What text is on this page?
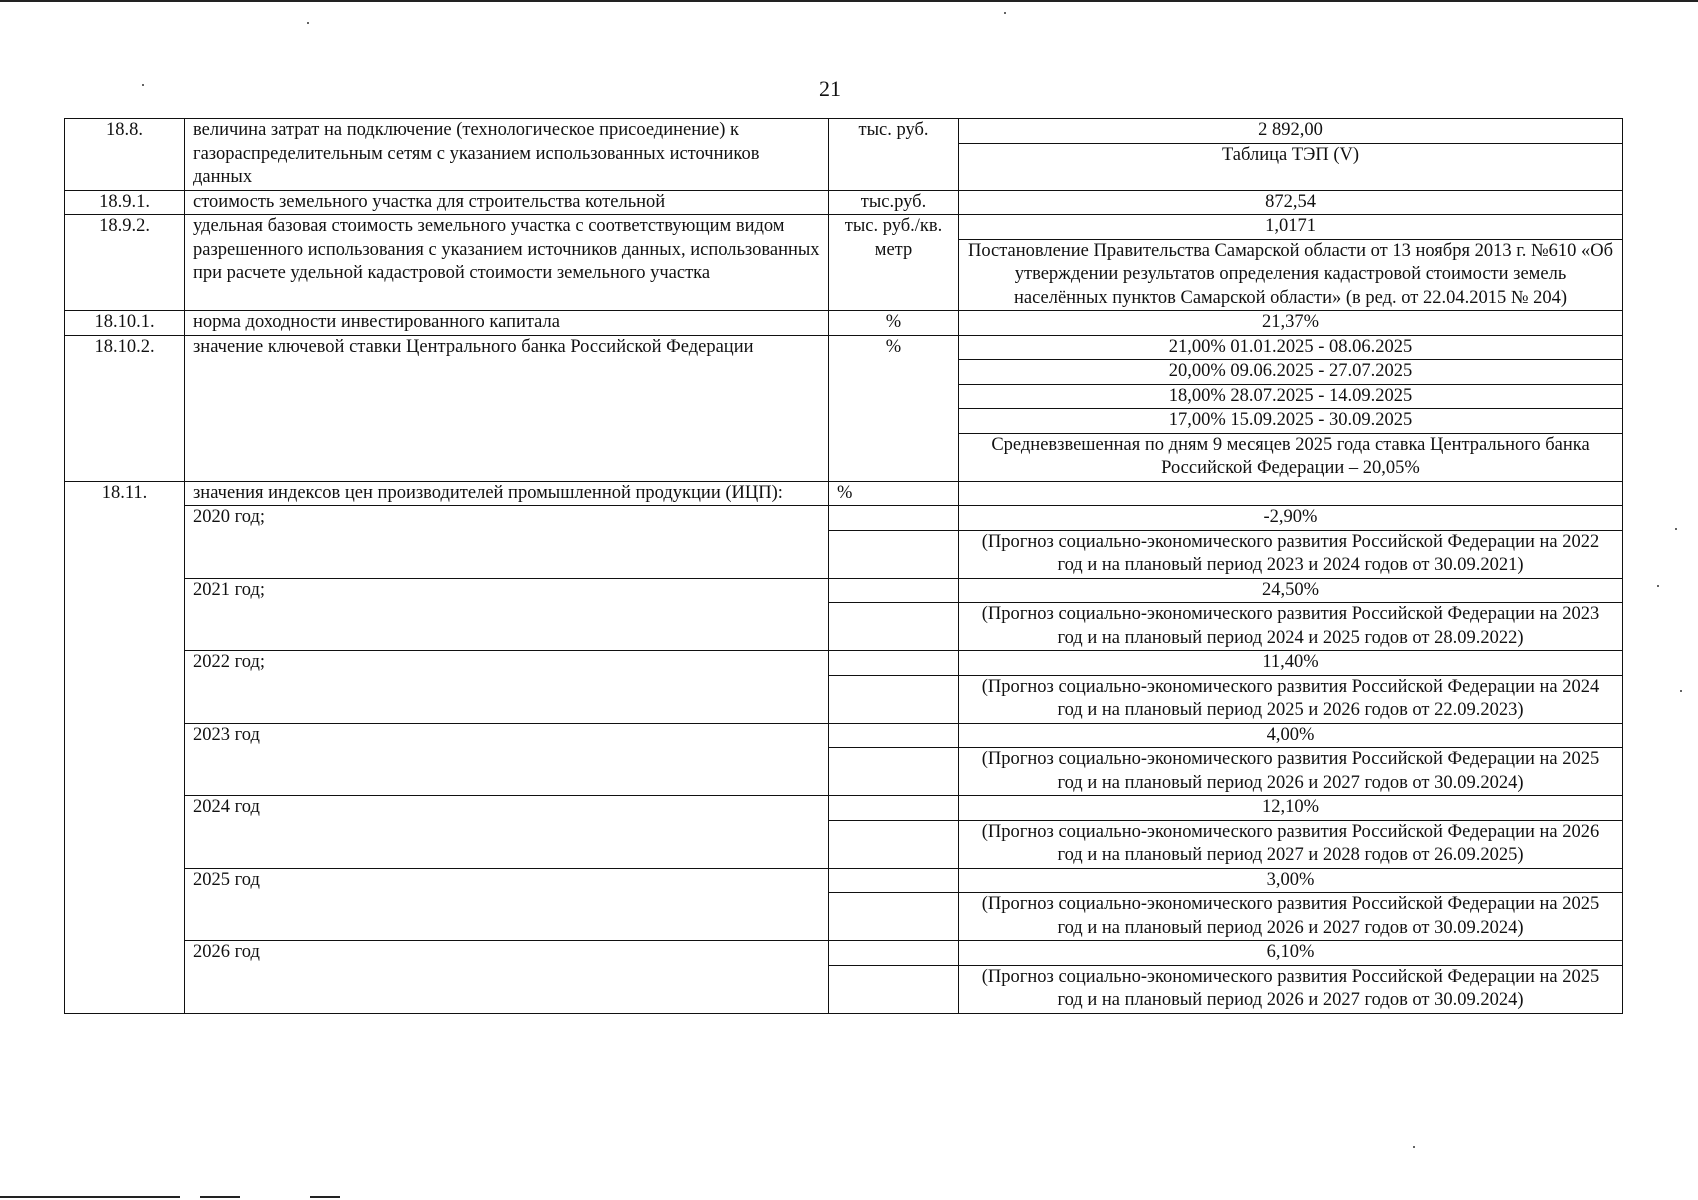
21
18.8.	величина затрат на подключение (технологическое присоединение) к газораспределительным сетям с указанием использованных источников данных	тыс. руб.	2 892,00
			Таблица ТЭП (V)
18.9.1.	стоимость земельного участка для строительства котельной	тыс.руб.	872,54
18.9.2.	удельная базовая стоимость земельного участка с соответствующим видом разрешенного использования с указанием источников данных, использованных при расчете удельной кадастровой стоимости земельного участка	тыс. руб./кв. метр	1,0171
			Постановление Правительства Самарской области от 13 ноября 2013 г. №610 «Об утверждении результатов определения кадастровой стоимости земель населённых пунктов Самарской области» (в ред. от 22.04.2015 № 204)
18.10.1.	норма доходности инвестированного капитала	%	21,37%
18.10.2.	значение ключевой ставки Центрального банка Российской Федерации	%	21,00% 01.01.2025 - 08.06.2025
			20,00% 09.06.2025 - 27.07.2025
			18,00% 28.07.2025 - 14.09.2025
			17,00% 15.09.2025 - 30.09.2025
			Средневзвешенная по дням 9 месяцев 2025 года ставка Центрального банка Российской Федерации – 20,05%
18.11.	значения индексов цен производителей промышленной продукции (ИЦП):	%	
	2020 год;		-2,90%
			(Прогноз социально-экономического развития Российской Федерации на 2022 год и на плановый период 2023 и 2024 годов от 30.09.2021)
	2021 год;		24,50%
			(Прогноз социально-экономического развития Российской Федерации на 2023 год и на плановый период 2024 и 2025 годов от 28.09.2022)
	2022 год;		11,40%
			(Прогноз социально-экономического развития Российской Федерации на 2024 год и на плановый период 2025 и 2026 годов от 22.09.2023)
	2023 год		4,00%
			(Прогноз социально-экономического развития Российской Федерации на 2025 год и на плановый период 2026 и 2027 годов от 30.09.2024)
	2024 год		12,10%
			(Прогноз социально-экономического развития Российской Федерации на 2026 год и на плановый период 2027 и 2028 годов от 26.09.2025)
	2025 год		3,00%
			(Прогноз социально-экономического развития Российской Федерации на 2025 год и на плановый период 2026 и 2027 годов от 30.09.2024)
	2026 год		6,10%
			(Прогноз социально-экономического развития Российской Федерации на 2025 год и на плановый период 2026 и 2027 годов от 30.09.2024)
